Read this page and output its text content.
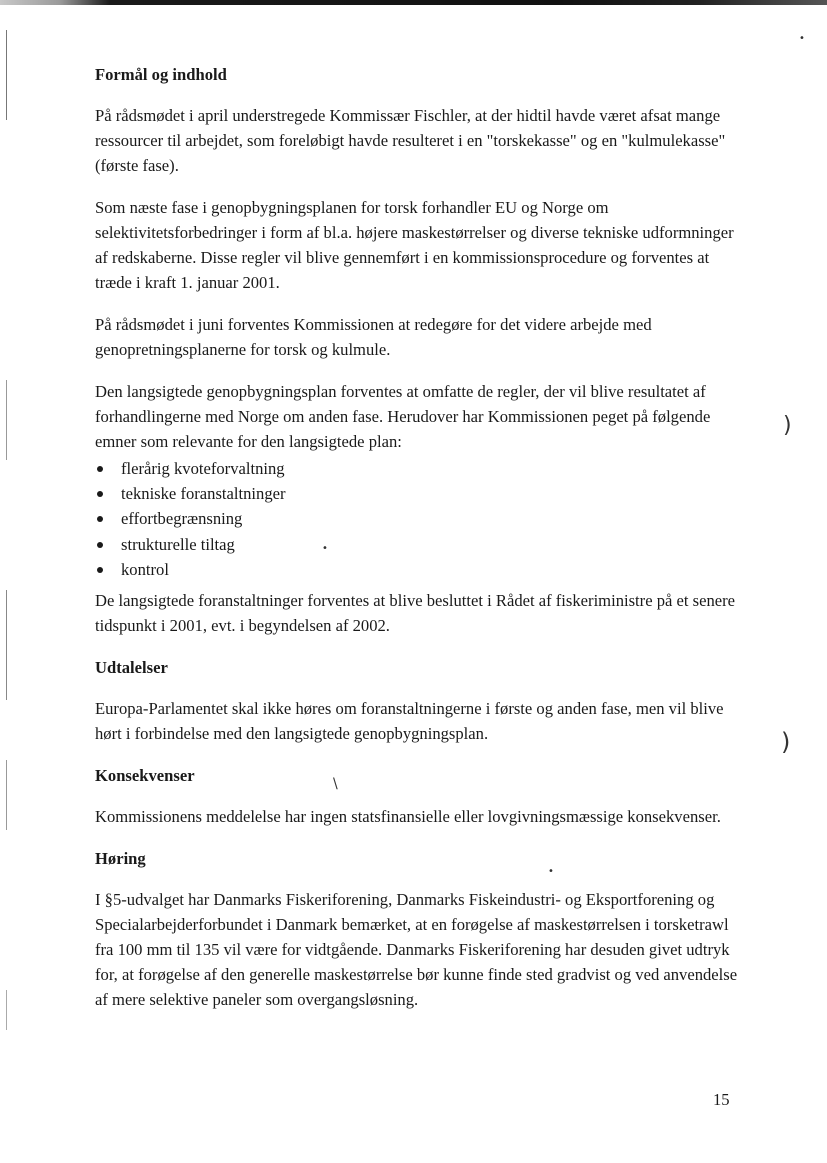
)
)
•
•
•
\
Formål og indhold

På rådsmødet i april understregede Kommissær Fischler, at der hidtil havde været afsat mange ressourcer til arbejdet, som foreløbigt havde resulteret i en "torskekasse" og en "kulmulekasse" (første fase).

Som næste fase i genopbygningsplanen for torsk forhandler EU og Norge om selektivitetsforbedringer i form af bl.a. højere maskestørrelser og diverse tekniske udformninger af redskaberne. Disse regler vil blive gennemført i en kommissionsprocedure og forventes at træde i kraft 1. januar 2001.

På rådsmødet i juni forventes Kommissionen at redegøre for det videre arbejde med genopretningsplanerne for torsk og kulmule.

Den langsigtede genopbygningsplan forventes at omfatte de regler, der vil blive resultatet af forhandlingerne med Norge om anden fase. Herudover har Kommissionen peget på følgende emner som relevante for den langsigtede plan:

flerårig kvoteforvaltning
tekniske foranstaltninger
effortbegrænsning
strukturelle tiltag
kontrol

De langsigtede foranstaltninger forventes at blive besluttet i Rådet af fiskeriministre på et senere tidspunkt i 2001, evt. i begyndelsen af 2002.

Udtalelser

Europa-Parlamentet skal ikke høres om foranstaltningerne i første og anden fase, men vil blive hørt i forbindelse med den langsigtede genopbygningsplan.

Konsekvenser

Kommissionens meddelelse har ingen statsfinansielle eller lovgivningsmæssige konsekvenser.

Høring

I §5-udvalget har Danmarks Fiskeriforening, Danmarks Fiskeindustri- og Eksportforening og Specialarbejderforbundet i Danmark bemærket, at en forøgelse af maskestørrelsen i torsketrawl fra 100 mm til 135 vil være for vidtgående. Danmarks Fiskeriforening har desuden givet udtryk for, at forøgelse af den generelle maskestørrelse bør kunne finde sted gradvist og ved anvendelse af mere selektive paneler som overgangsløsning.

15
